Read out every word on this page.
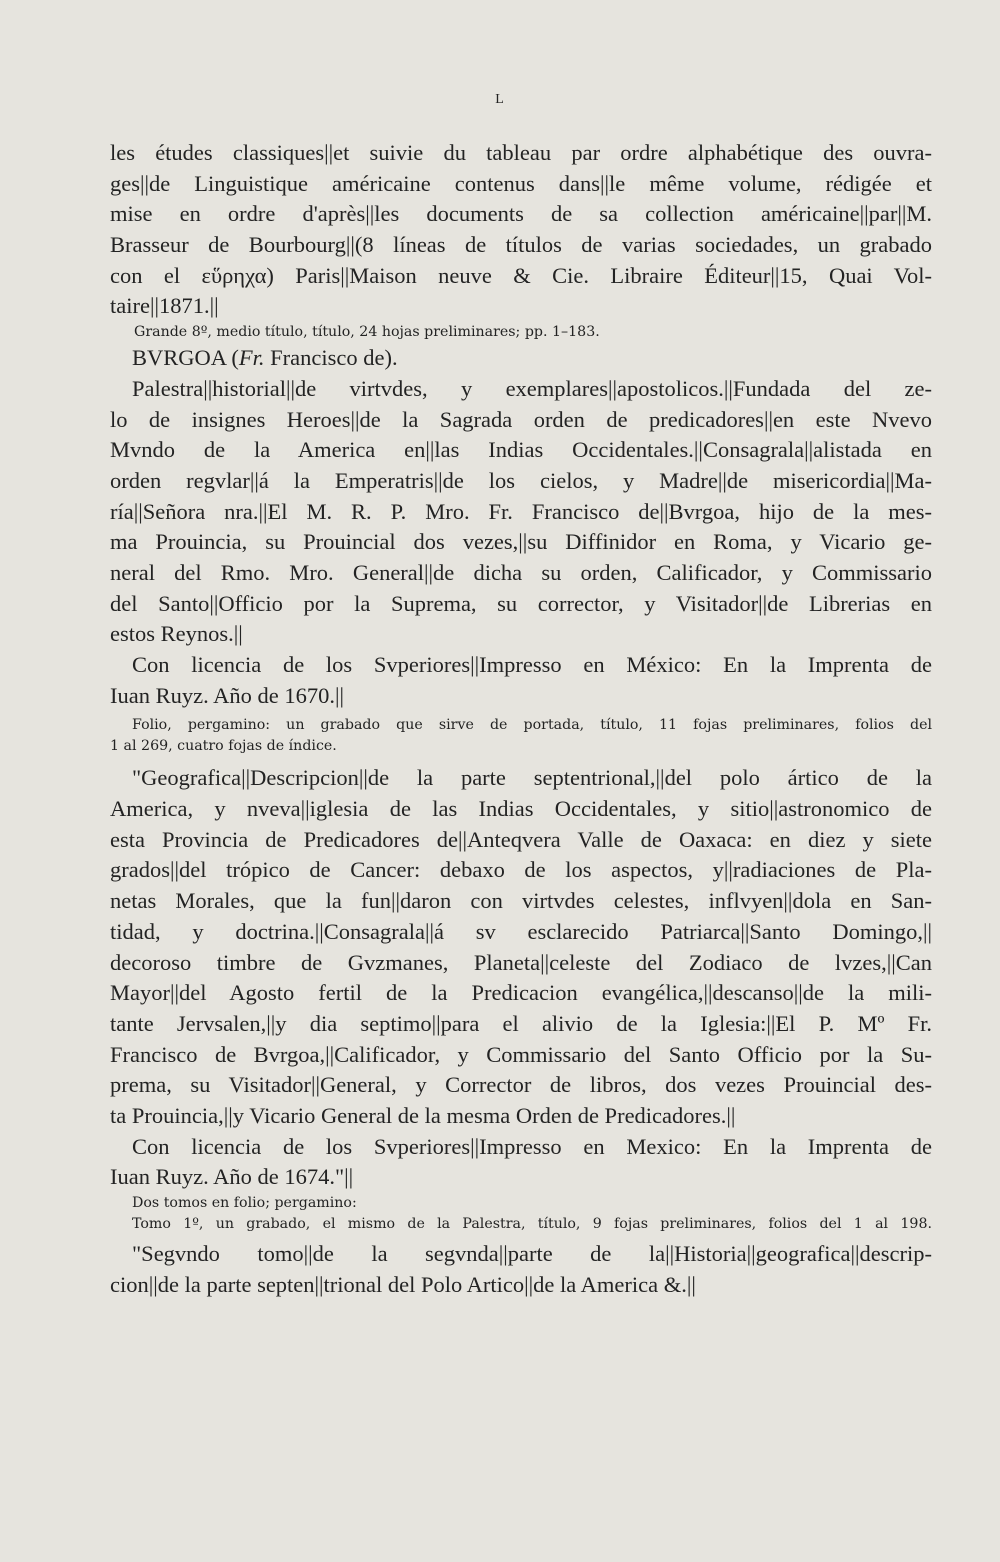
L
les études classiques||et suivie du tableau par ordre alphabétique des ouvra-
ges||de Linguistique américaine contenus dans||le même volume, rédigée et
mise en ordre d'après||les documents de sa collection américaine||par||M.
Brasseur de Bourbourg||(8 líneas de títulos de varias sociedades, un grabado
con el εὕρηχα) Paris||Maison neuve & Cie. Libraire Éditeur||15, Quai Vol-
taire||1871.||
Grande 8º, medio título, título, 24 hojas preliminares; pp. 1–183.
BVRGOA (Fr. Francisco de).
Palestra||historial||de virtvdes, y exemplares||apostolicos.||Fundada del ze-
lo de insignes Heroes||de la Sagrada orden de predicadores||en este Nvevo
Mvndo de la America en||las Indias Occidentales.||Consagrala||alistada en
orden regvlar||á la Emperatris||de los cielos, y Madre||de misericordia||Ma-
ría||Señora nra.||El M. R. P. Mro. Fr. Francisco de||Bvrgoa, hijo de la mes-
ma Prouincia, su Prouincial dos vezes,||su Diffinidor en Roma, y Vicario ge-
neral del Rmo. Mro. General||de dicha su orden, Calificador, y Commissario
del Santo||Officio por la Suprema, su corrector, y Visitador||de Librerias en
estos Reynos.||
Con licencia de los Svperiores||Impresso en México: En la Imprenta de
Iuan Ruyz. Año de 1670.||
Folio, pergamino: un grabado que sirve de portada, título, 11 fojas preliminares, folios del
1 al 269, cuatro fojas de índice.
"Geografica||Descripcion||de la parte septentrional,||del polo ártico de la
America, y nveva||iglesia de las Indias Occidentales, y sitio||astronomico de
esta Provincia de Predicadores de||Anteqvera Valle de Oaxaca: en diez y siete
grados||del trópico de Cancer: debaxo de los aspectos, y||radiaciones de Pla-
netas Morales, que la fun||daron con virtvdes celestes, inflvyen||dola en San-
tidad, y doctrina.||Consagrala||á sv esclarecido Patriarca||Santo Domingo,||
decoroso timbre de Gvzmanes, Planeta||celeste del Zodiaco de lvzes,||Can
Mayor||del Agosto fertil de la Predicacion evangélica,||descanso||de la mili-
tante Jervsalen,||y dia septimo||para el alivio de la Iglesia:||El P. Mº Fr.
Francisco de Bvrgoa,||Calificador, y Commissario del Santo Officio por la Su-
prema, su Visitador||General, y Corrector de libros, dos vezes Prouincial des-
ta Prouincia,||y Vicario General de la mesma Orden de Predicadores.||
Con licencia de los Svperiores||Impresso en Mexico: En la Imprenta de
Iuan Ruyz. Año de 1674."||
Dos tomos en folio; pergamino:
Tomo 1º, un grabado, el mismo de la Palestra, título, 9 fojas preliminares, folios del 1 al 198.
"Segvndo tomo||de la segvnda||parte de la||Historia||geografica||descrip-
cion||de la parte septen||trional del Polo Artico||de la America &.||
